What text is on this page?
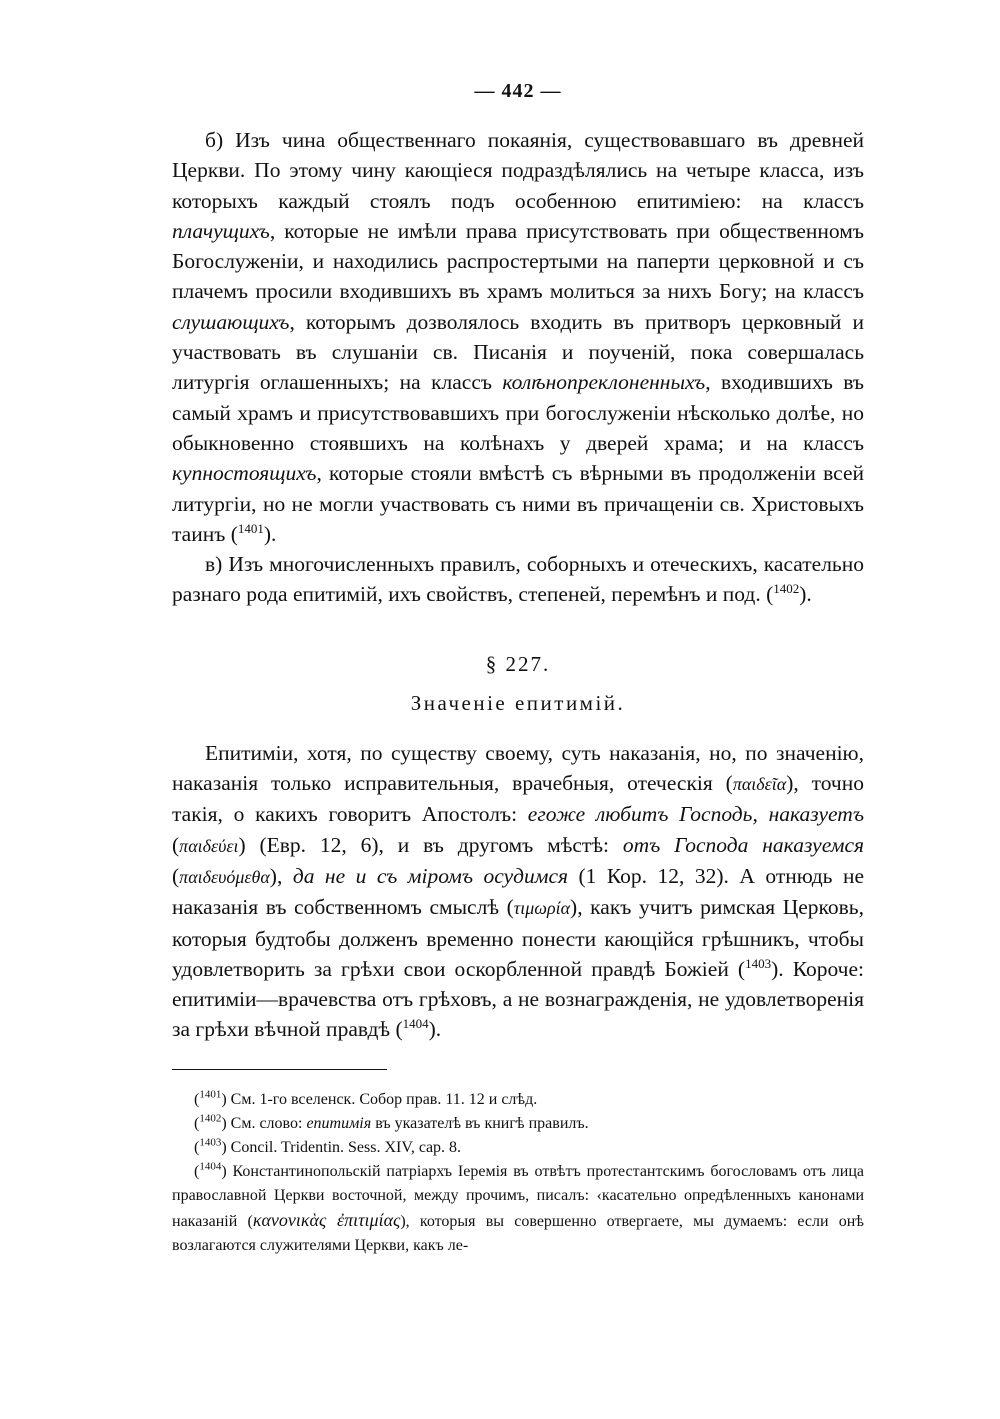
— 442 —

б) Изъ чина общественнаго покаянія, существовавшаго въ древней Церкви. По этому чину кающіеся подраздѣлялись на четыре класса, изъ которыхъ каждый стоялъ подъ особенною епитиміею: на классъ плачущихъ, которые не имѣли права присутствовать при общественномъ Богослуженіи, и находились распростертыми на паперти церковной и съ плачемъ просили входившихъ въ храмъ молиться за нихъ Богу; на классъ слушающихъ, которымъ дозволялось входить въ притворъ церковный и участвовать въ слушаніи св. Писанія и поученій, пока совершалась литургія оглашенныхъ; на классъ колѣнопреклоненныхъ, входившихъ въ самый храмъ и присутствовавшихъ при богослуженіи нѣсколько долѣе, но обыкновенно стоявшихъ на колѣнахъ у дверей храма; и на классъ купностоящихъ, которые стояли вмѣстѣ съ вѣрными въ продолженіи всей литургіи, но не могли участвовать съ ними въ причащеніи св. Христовыхъ таинъ ($^{1401}$).

в) Изъ многочисленныхъ правилъ, соборныхъ и отеческихъ, касательно разнаго рода епитимій, ихъ свойствъ, степеней, перемѣнъ и под. ($^{1402}$).

§ 227.
Значеніе епитимій.

Епитиміи, хотя, по существу своему, суть наказанія, но, по значенію, наказанія только исправительныя, врачебныя, отеческія (παιδεῖα), точно такія, о какихъ говоритъ Апостолъ: егоже любитъ Господь, наказуетъ (παιδεύει) (Евр. 12, 6), и въ другомъ мѣстѣ: отъ Господа наказуемся (παιδευόμεθα), да не и съ міромъ осудимся (1 Кор. 12, 32). А отнюдь не наказанія въ собственномъ смыслѣ (τιμωρία), какъ учитъ римская Церковь, которыя будтобы долженъ временно понести кающійся грѣшникъ, чтобы удовлетворить за грѣхи свои оскорбленной правдѣ Божіей ($^{1403}$). Короче: епитиміи—врачевства отъ грѣховъ, а не вознагражденія, не удовлетворенія за грѣхи вѣчной правдѣ ($^{1404}$).

($^{1401}$) См. 1-го вселенск. Собор прав. 11. 12 и слѣд.

($^{1402}$) См. слово: епитимія въ указателѣ въ книгѣ правилъ.

($^{1403}$) Concil. Tridentin. Sess. XIV, cap. 8.

($^{1404}$) Константинопольскій патріархъ Іеремія въ отвѣтъ протестантскимъ богословамъ отъ лица православной Церкви восточной, между прочимъ, писалъ: ‹касательно опредѣленныхъ канонами наказаній (κανονικὰς ἐπιτιμίας), которыя вы совершенно отвергаете, мы думаемъ: если онѣ возлагаются служителями Церкви, какъ ле-
